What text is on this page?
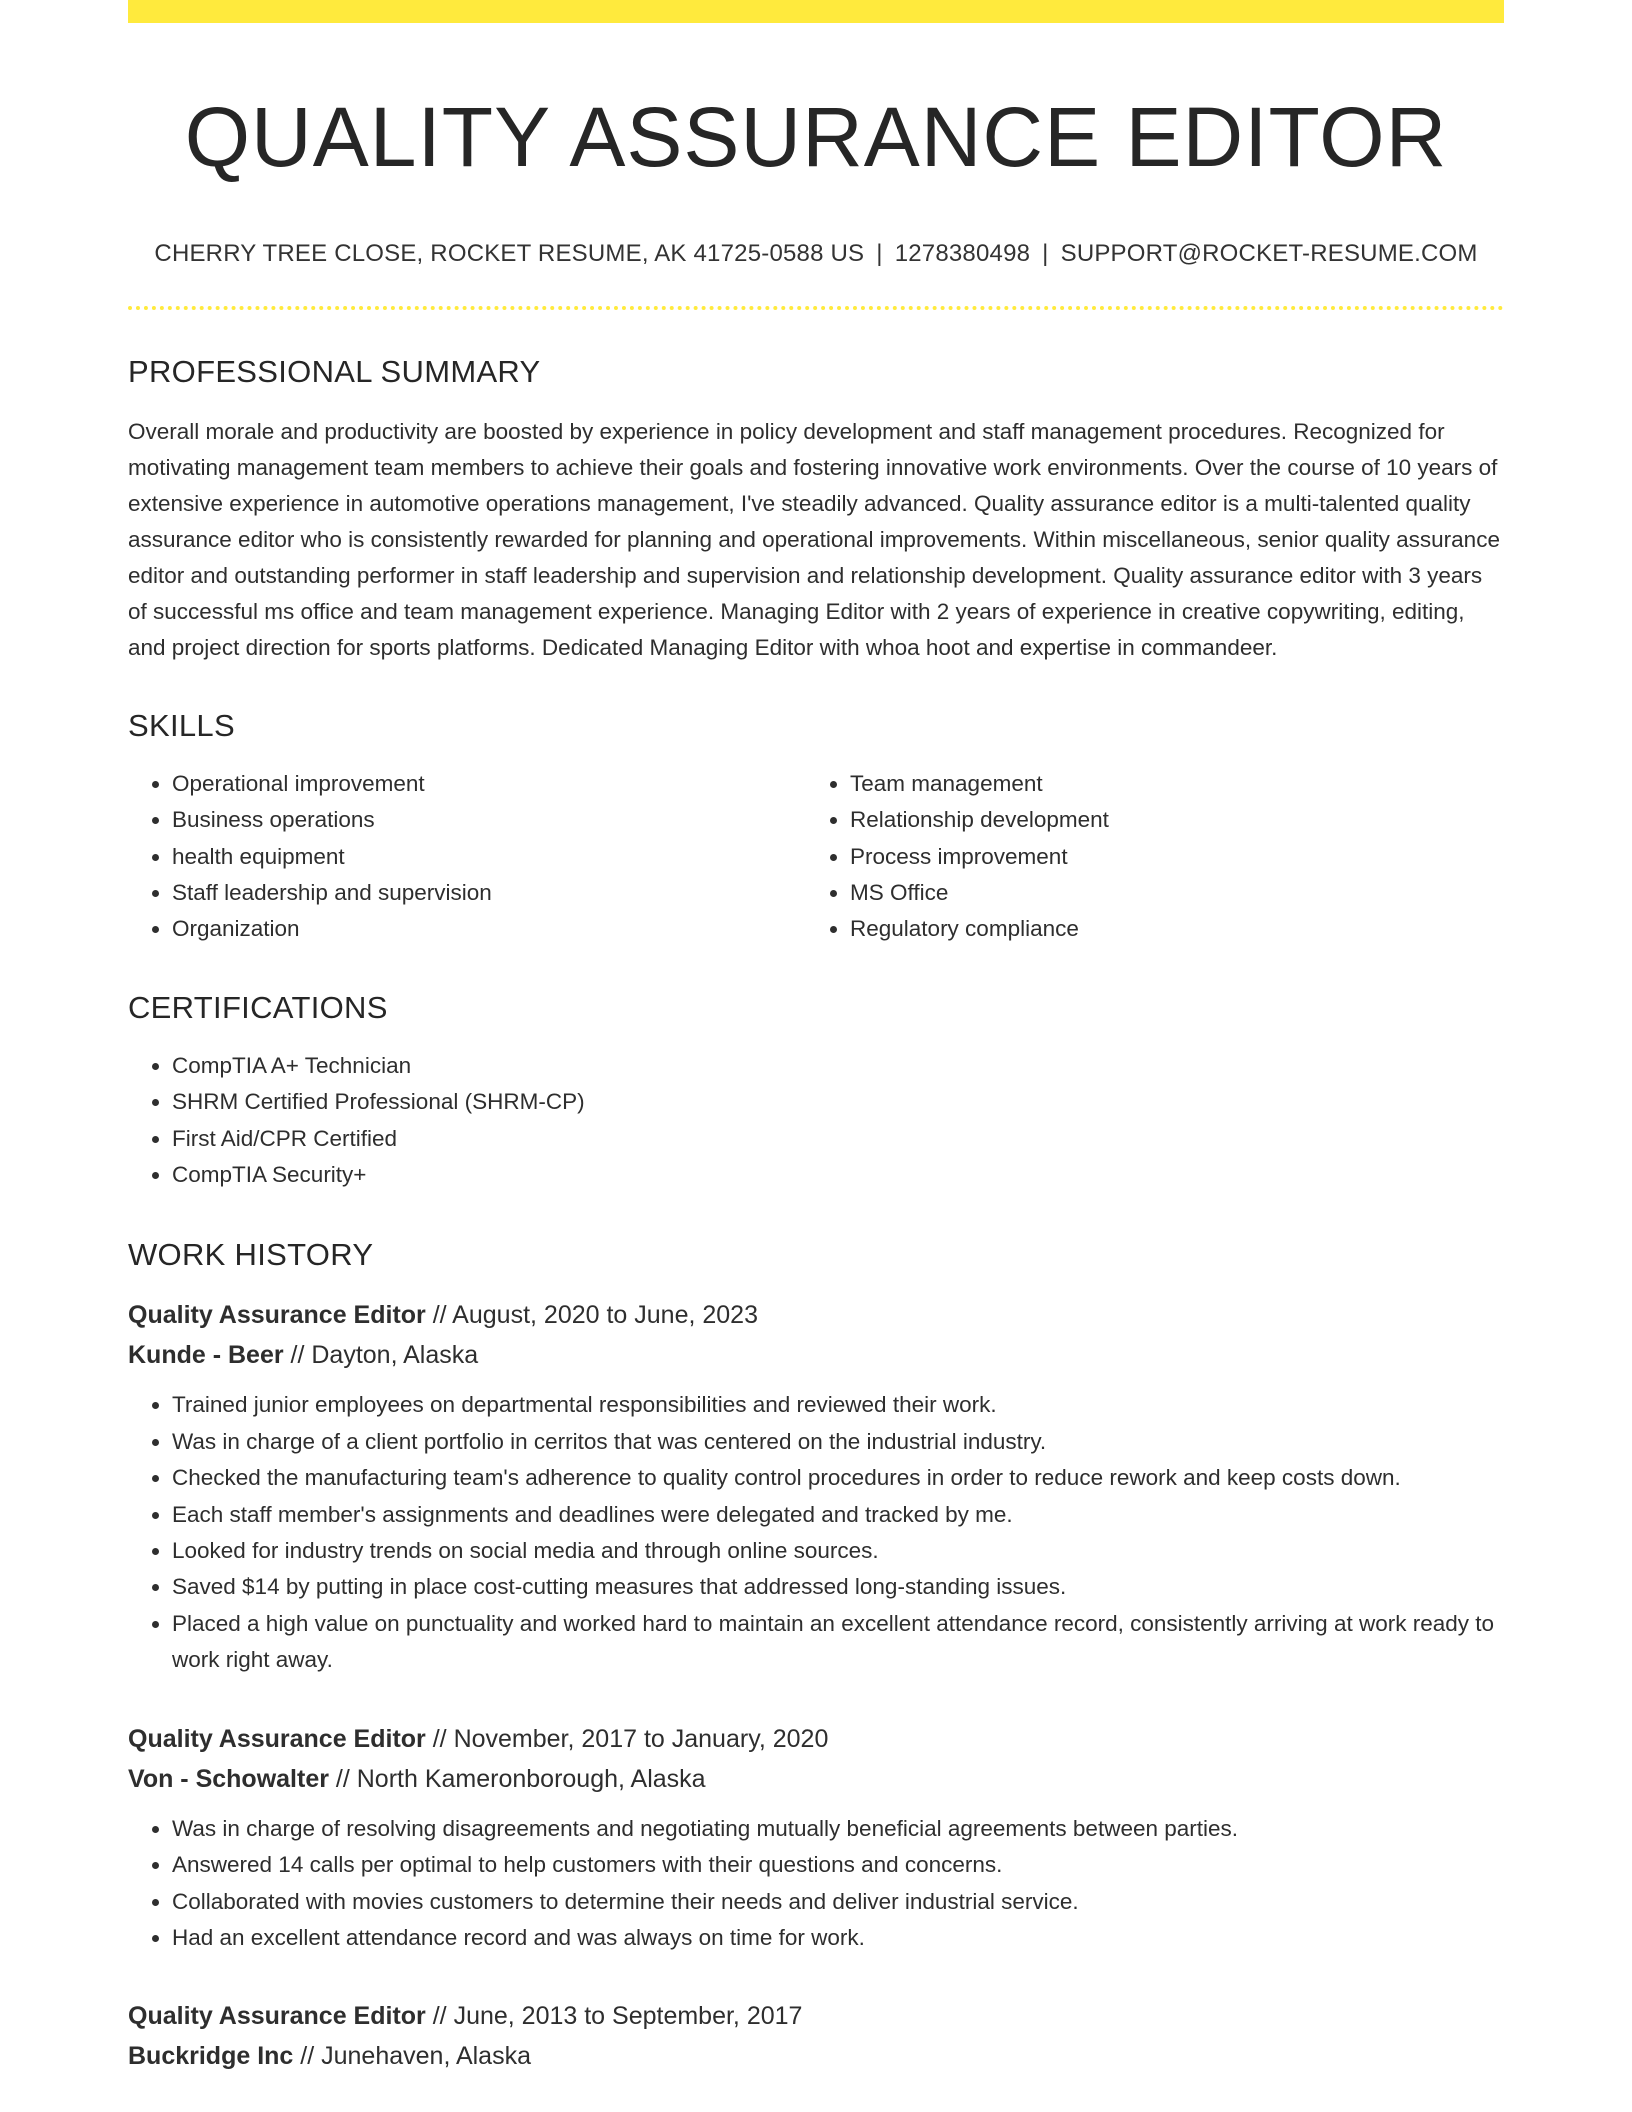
QUALITY ASSURANCE EDITOR
CHERRY TREE CLOSE, ROCKET RESUME, AK 41725-0588 US | 1278380498 | SUPPORT@ROCKET-RESUME.COM
PROFESSIONAL SUMMARY
Overall morale and productivity are boosted by experience in policy development and staff management procedures. Recognized for motivating management team members to achieve their goals and fostering innovative work environments. Over the course of 10 years of extensive experience in automotive operations management, I've steadily advanced. Quality assurance editor is a multi-talented quality assurance editor who is consistently rewarded for planning and operational improvements. Within miscellaneous, senior quality assurance editor and outstanding performer in staff leadership and supervision and relationship development. Quality assurance editor with 3 years of successful ms office and team management experience. Managing Editor with 2 years of experience in creative copywriting, editing, and project direction for sports platforms. Dedicated Managing Editor with whoa hoot and expertise in commandeer.
SKILLS
• Operational improvement
• Business operations
• health equipment
• Staff leadership and supervision
• Organization
• Team management
• Relationship development
• Process improvement
• MS Office
• Regulatory compliance
CERTIFICATIONS
• CompTIA A+ Technician
• SHRM Certified Professional (SHRM-CP)
• First Aid/CPR Certified
• CompTIA Security+
WORK HISTORY
Quality Assurance Editor // August, 2020 to June, 2023
Kunde - Beer // Dayton, Alaska
• Trained junior employees on departmental responsibilities and reviewed their work.
• Was in charge of a client portfolio in cerritos that was centered on the industrial industry.
• Checked the manufacturing team's adherence to quality control procedures in order to reduce rework and keep costs down.
• Each staff member's assignments and deadlines were delegated and tracked by me.
• Looked for industry trends on social media and through online sources.
• Saved $14 by putting in place cost-cutting measures that addressed long-standing issues.
• Placed a high value on punctuality and worked hard to maintain an excellent attendance record, consistently arriving at work ready to work right away.
Quality Assurance Editor // November, 2017 to January, 2020
Von - Schowalter // North Kameronborough, Alaska
• Was in charge of resolving disagreements and negotiating mutually beneficial agreements between parties.
• Answered 14 calls per optimal to help customers with their questions and concerns.
• Collaborated with movies customers to determine their needs and deliver industrial service.
• Had an excellent attendance record and was always on time for work.
Quality Assurance Editor // June, 2013 to September, 2017
Buckridge Inc // Junehaven, Alaska
